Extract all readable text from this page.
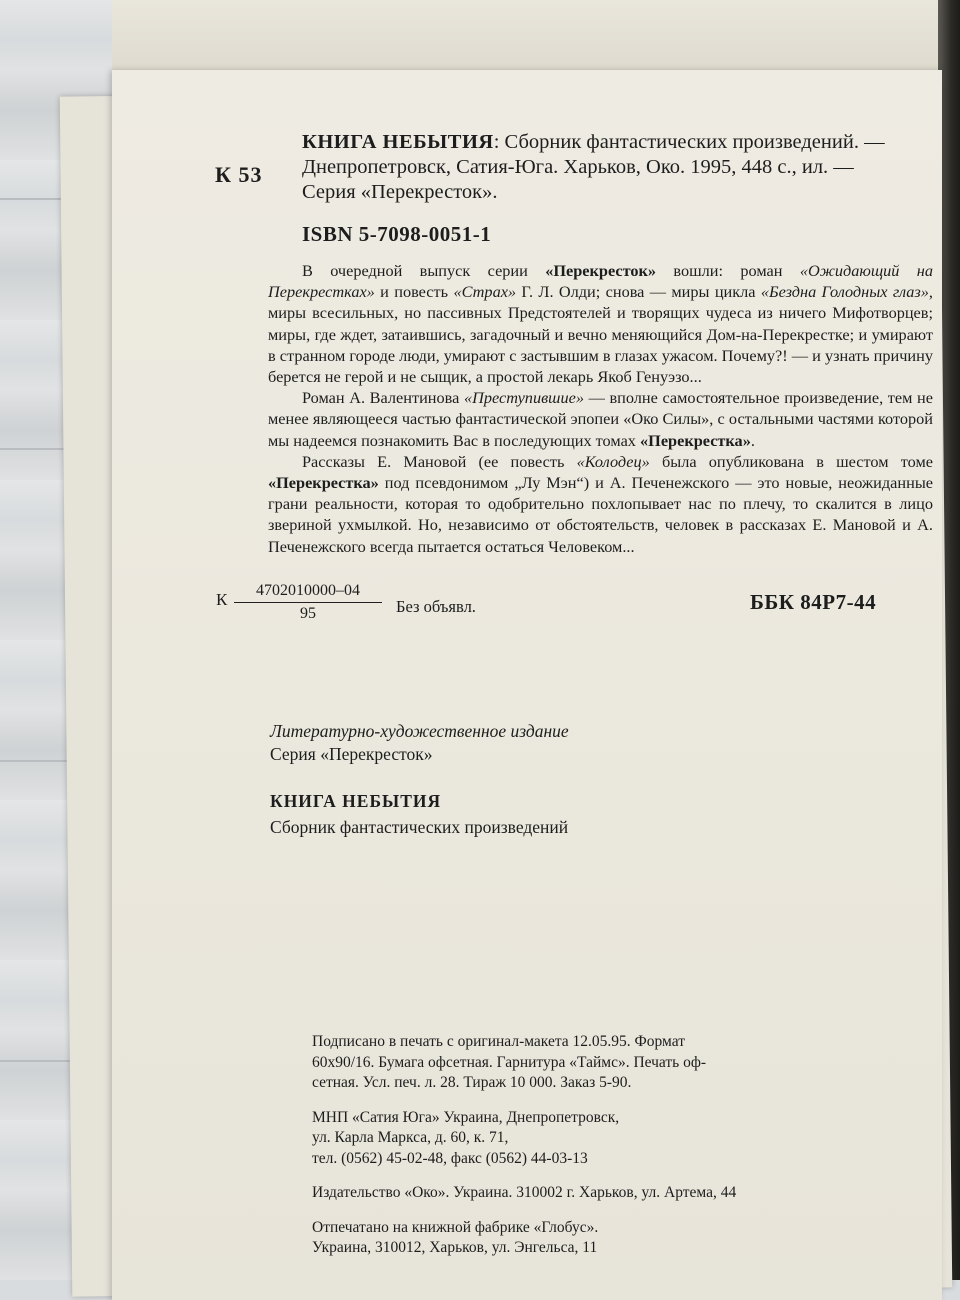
К 53
КНИГА НЕБЫТИЯ: Сборник фантастических произведений. —
Днепропетровск, Сатия-Юга. Харьков, Око. 1995, 448 с., ил. —
Серия «Перекресток».
ISBN 5-7098-0051-1

В очередной выпуск серии «Перекресток» вошли: роман «Ожидающий на Перекрестках» и повесть «Страх» Г. Л. Олди; снова — миры цикла «Бездна Голодных глаз», миры всесильных, но пассивных Предстоятелей и творящих чудеса из ничего Мифотворцев; миры, где ждет, затаившись, загадочный и вечно меняющийся Дом-на-Перекрестке; и умирают в странном городе люди, умирают с застывшим в глазах ужасом. Почему?! — и узнать причину берется не герой и не сыщик, а простой лекарь Якоб Генуэзо...

Роман А. Валентинова «Преступившие» — вполне самостоятельное произведение, тем не менее являющееся частью фантастической эпопеи «Око Силы», с остальными частями которой мы надеемся познакомить Вас в последующих томах «Перекрестка».

Рассказы Е. Мановой (ее повесть «Колодец» была опубликована в шестом томе «Перекрестка» под псевдонимом „Лу Мэн“) и А. Печенежского — это новые, неожиданные грани реальности, которая то одобрительно похлопывает нас по плечу, то скалится в лицо звериной ухмылкой. Но, независимо от обстоятельств, человек в рассказах Е. Мановой и А. Печенежского всегда пытается остаться Человеком...

К $\frac{4702010000-04}{95}$ Без объявл.	ББК 84Р7-44
Литературно-художественное издание
Серия «Перекресток»
КНИГА НЕБЫТИЯ
Сборник фантастических произведений
Подписано в печать с оригинал-макета 12.05.95. Формат
60х90/16. Бумага офсетная. Гарнитура «Таймс». Печать оф-
сетная. Усл. печ. л. 28. Тираж 10 000. Заказ 5-90.
МНП «Сатия Юга» Украина, Днепропетровск,
ул. Карла Маркса, д. 60, к. 71,
тел. (0562) 45-02-48, факс (0562) 44-03-13
Издательство «Око». Украина. 310002 г. Харьков, ул. Артема, 44
Отпечатано на книжной фабрике «Глобус».
Украина, 310012, Харьков, ул. Энгельса, 11
